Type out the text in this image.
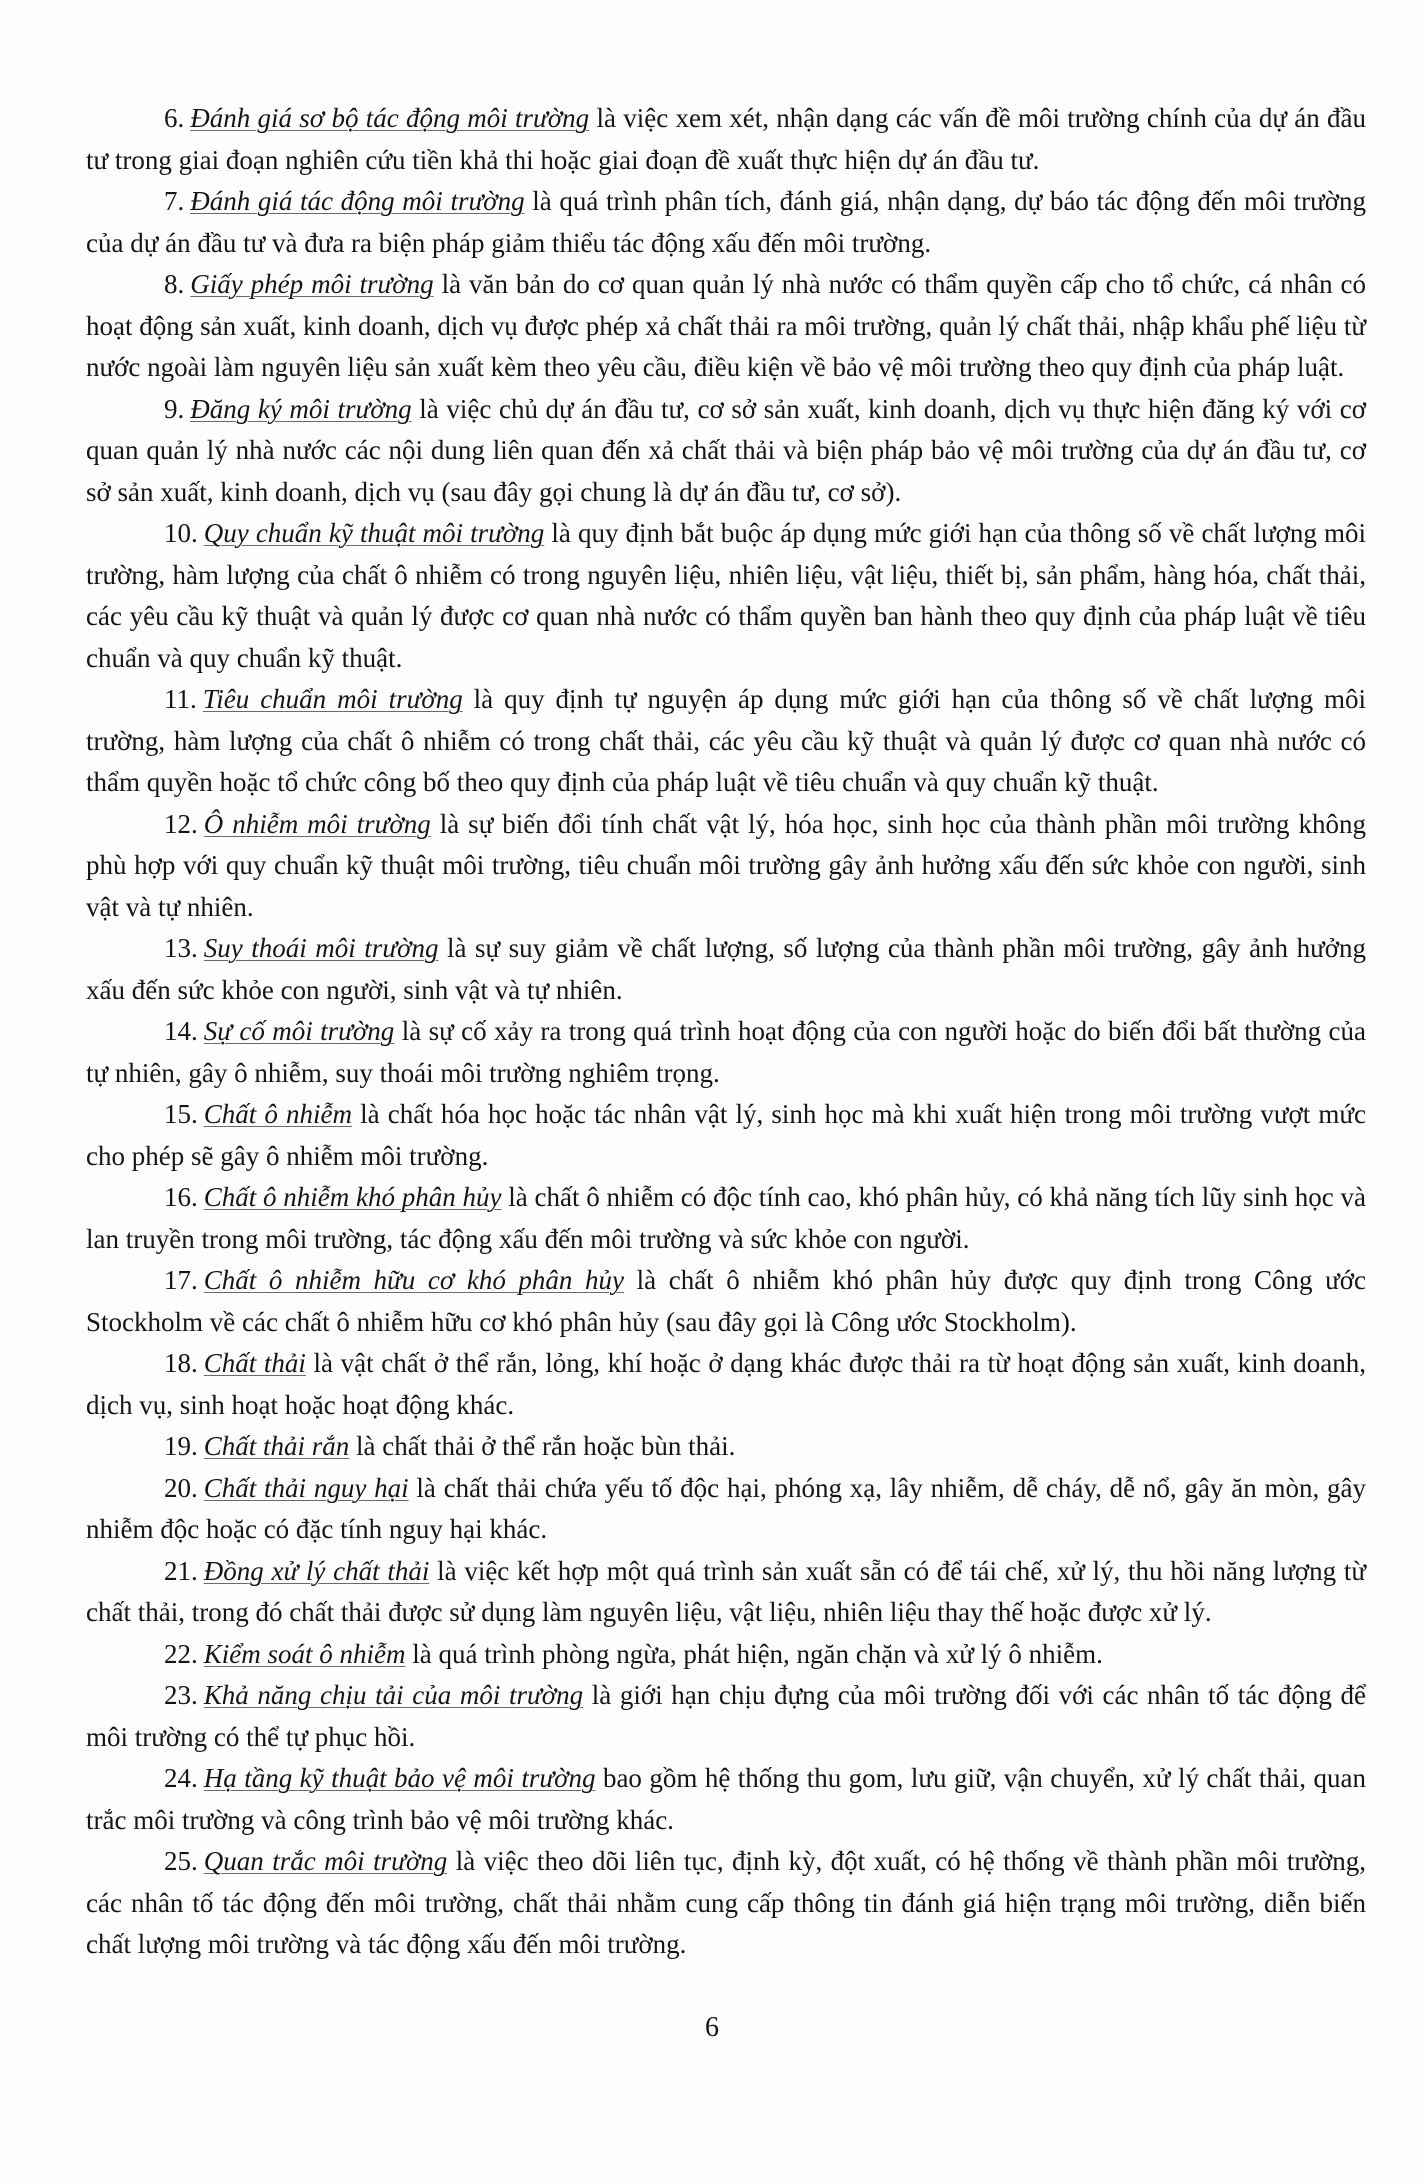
6. Đánh giá sơ bộ tác động môi trường là việc xem xét, nhận dạng các vấn đề môi trường chính của dự án đầu tư trong giai đoạn nghiên cứu tiền khả thi hoặc giai đoạn đề xuất thực hiện dự án đầu tư.

7. Đánh giá tác động môi trường là quá trình phân tích, đánh giá, nhận dạng, dự báo tác động đến môi trường của dự án đầu tư và đưa ra biện pháp giảm thiểu tác động xấu đến môi trường.

8. Giấy phép môi trường là văn bản do cơ quan quản lý nhà nước có thẩm quyền cấp cho tổ chức, cá nhân có hoạt động sản xuất, kinh doanh, dịch vụ được phép xả chất thải ra môi trường, quản lý chất thải, nhập khẩu phế liệu từ nước ngoài làm nguyên liệu sản xuất kèm theo yêu cầu, điều kiện về bảo vệ môi trường theo quy định của pháp luật.

9. Đăng ký môi trường là việc chủ dự án đầu tư, cơ sở sản xuất, kinh doanh, dịch vụ thực hiện đăng ký với cơ quan quản lý nhà nước các nội dung liên quan đến xả chất thải và biện pháp bảo vệ môi trường của dự án đầu tư, cơ sở sản xuất, kinh doanh, dịch vụ (sau đây gọi chung là dự án đầu tư, cơ sở).

10. Quy chuẩn kỹ thuật môi trường là quy định bắt buộc áp dụng mức giới hạn của thông số về chất lượng môi trường, hàm lượng của chất ô nhiễm có trong nguyên liệu, nhiên liệu, vật liệu, thiết bị, sản phẩm, hàng hóa, chất thải, các yêu cầu kỹ thuật và quản lý được cơ quan nhà nước có thẩm quyền ban hành theo quy định của pháp luật về tiêu chuẩn và quy chuẩn kỹ thuật.

11. Tiêu chuẩn môi trường là quy định tự nguyện áp dụng mức giới hạn của thông số về chất lượng môi trường, hàm lượng của chất ô nhiễm có trong chất thải, các yêu cầu kỹ thuật và quản lý được cơ quan nhà nước có thẩm quyền hoặc tổ chức công bố theo quy định của pháp luật về tiêu chuẩn và quy chuẩn kỹ thuật.

12. Ô nhiễm môi trường là sự biến đổi tính chất vật lý, hóa học, sinh học của thành phần môi trường không phù hợp với quy chuẩn kỹ thuật môi trường, tiêu chuẩn môi trường gây ảnh hưởng xấu đến sức khỏe con người, sinh vật và tự nhiên.

13. Suy thoái môi trường là sự suy giảm về chất lượng, số lượng của thành phần môi trường, gây ảnh hưởng xấu đến sức khỏe con người, sinh vật và tự nhiên.

14. Sự cố môi trường là sự cố xảy ra trong quá trình hoạt động của con người hoặc do biến đổi bất thường của tự nhiên, gây ô nhiễm, suy thoái môi trường nghiêm trọng.

15. Chất ô nhiễm là chất hóa học hoặc tác nhân vật lý, sinh học mà khi xuất hiện trong môi trường vượt mức cho phép sẽ gây ô nhiễm môi trường.

16. Chất ô nhiễm khó phân hủy là chất ô nhiễm có độc tính cao, khó phân hủy, có khả năng tích lũy sinh học và lan truyền trong môi trường, tác động xấu đến môi trường và sức khỏe con người.

17. Chất ô nhiễm hữu cơ khó phân hủy là chất ô nhiễm khó phân hủy được quy định trong Công ước Stockholm về các chất ô nhiễm hữu cơ khó phân hủy (sau đây gọi là Công ước Stockholm).

18. Chất thải là vật chất ở thể rắn, lỏng, khí hoặc ở dạng khác được thải ra từ hoạt động sản xuất, kinh doanh, dịch vụ, sinh hoạt hoặc hoạt động khác.

19. Chất thải rắn là chất thải ở thể rắn hoặc bùn thải.

20. Chất thải nguy hại là chất thải chứa yếu tố độc hại, phóng xạ, lây nhiễm, dễ cháy, dễ nổ, gây ăn mòn, gây nhiễm độc hoặc có đặc tính nguy hại khác.

21. Đồng xử lý chất thải là việc kết hợp một quá trình sản xuất sẵn có để tái chế, xử lý, thu hồi năng lượng từ chất thải, trong đó chất thải được sử dụng làm nguyên liệu, vật liệu, nhiên liệu thay thế hoặc được xử lý.

22. Kiểm soát ô nhiễm là quá trình phòng ngừa, phát hiện, ngăn chặn và xử lý ô nhiễm.

23. Khả năng chịu tải của môi trường là giới hạn chịu đựng của môi trường đối với các nhân tố tác động để môi trường có thể tự phục hồi.

24. Hạ tầng kỹ thuật bảo vệ môi trường bao gồm hệ thống thu gom, lưu giữ, vận chuyển, xử lý chất thải, quan trắc môi trường và công trình bảo vệ môi trường khác.

25. Quan trắc môi trường là việc theo dõi liên tục, định kỳ, đột xuất, có hệ thống về thành phần môi trường, các nhân tố tác động đến môi trường, chất thải nhằm cung cấp thông tin đánh giá hiện trạng môi trường, diễn biến chất lượng môi trường và tác động xấu đến môi trường.

6
